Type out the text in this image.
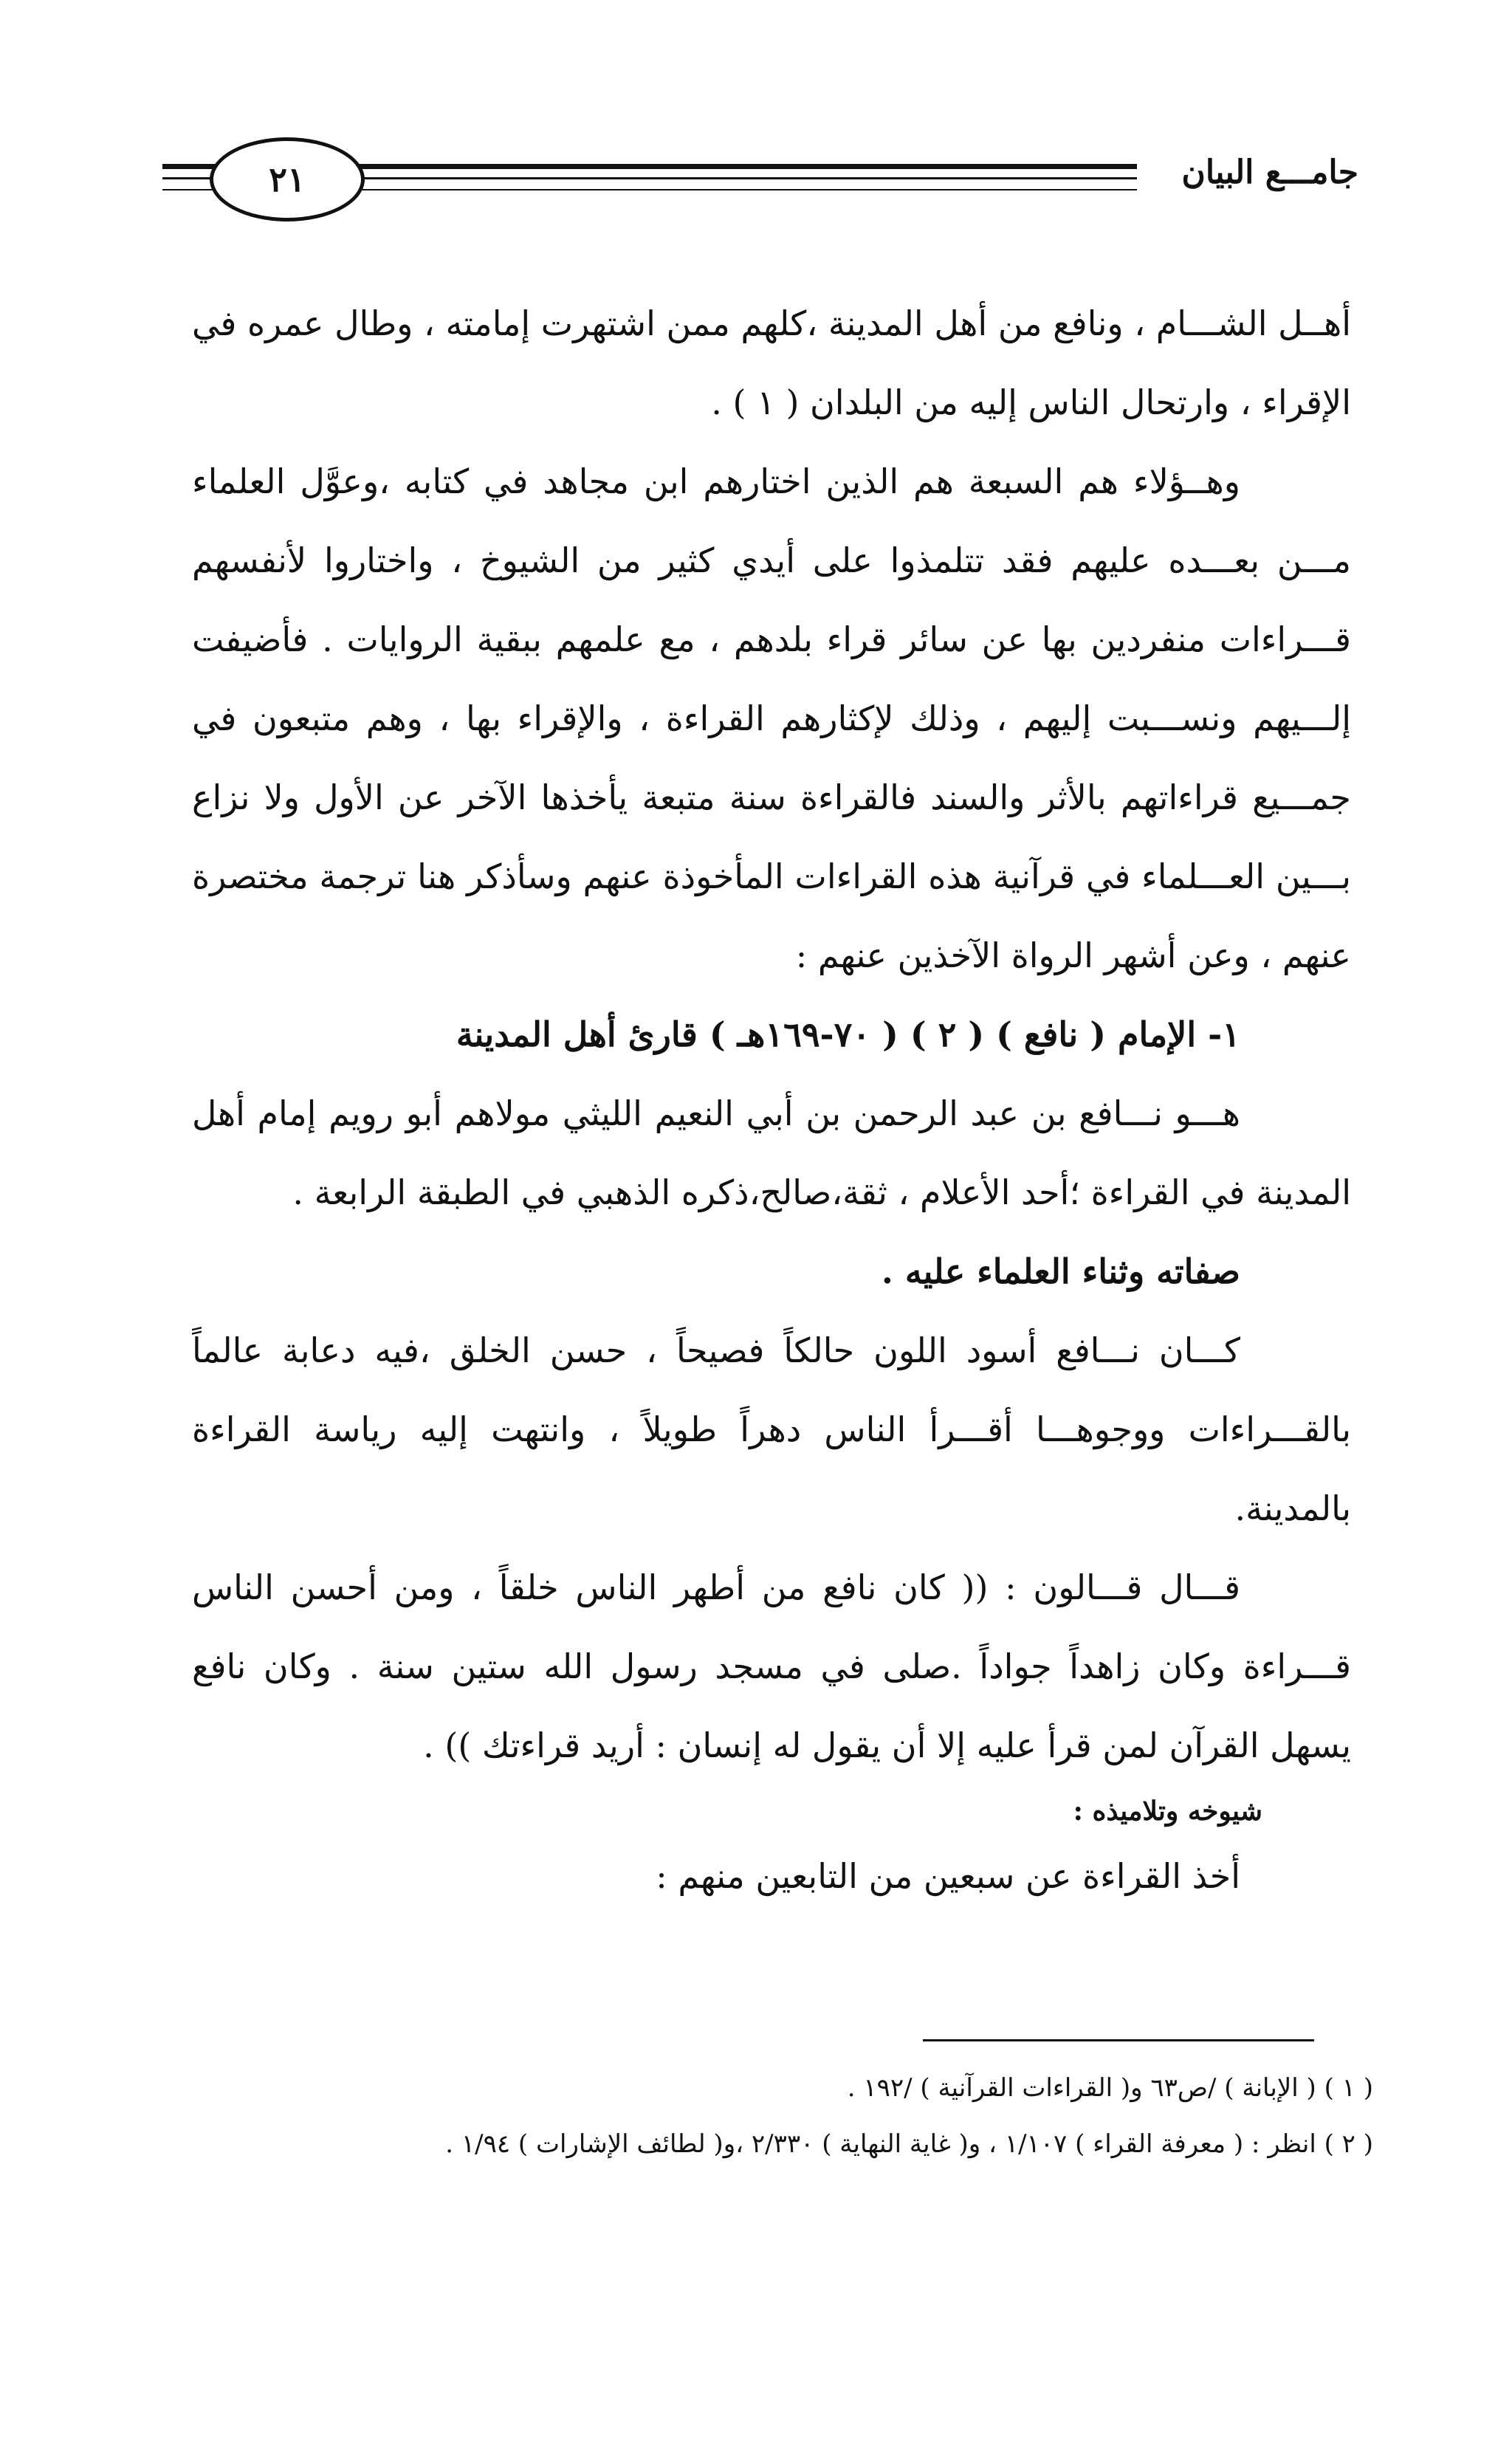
٢١	جامـــع البيان
أهــل الشـــام ، ونافع من أهل المدينة ،كلهم ممن اشتهرت إمامته ، وطال عمره في
الإقراء ، وارتحال الناس إليه من البلدان ( ١ ) .
وهــؤلاء هم السبعة هم الذين اختارهم ابن مجاهد في كتابه ،وعوَّل العلماء
مـــن بعـــده عليهم فقد تتلمذوا على أيدي كثير من الشيوخ ، واختاروا لأنفسهم
قـــراءات منفردين بها عن سائر قراء بلدهم ، مع علمهم ببقية الروايات . فأضيفت
إلـــيهم ونســـبت إليهم ، وذلك لإكثارهم القراءة ، والإقراء بها ، وهم متبعون في
جمـــيع قراءاتهم بالأثر والسند فالقراءة سنة متبعة يأخذها الآخر عن الأول ولا نزاع
بـــين العـــلماء في قرآنية هذه القراءات المأخوذة عنهم وسأذكر هنا ترجمة مختصرة
عنهم ، وعن أشهر الرواة الآخذين عنهم :
١- الإمام ( نافع ) ( ٢ ) ( ٧٠-١٦٩هـ ) قارئ أهل المدينة
هـــو نـــافع بن عبد الرحمن بن أبي النعيم الليثي مولاهم أبو رويم إمام أهل
المدينة في القراءة ؛أحد الأعلام ، ثقة،صالح،ذكره الذهبي في الطبقة الرابعة .
صفاته وثناء العلماء عليه .
كـــان نـــافع أسود اللون حالكاً فصيحاً ، حسن الخلق ،فيه دعابة عالماً
بالقـــراءات ووجوهـــا أقـــرأ الناس دهراً طويلاً ، وانتهت إليه رياسة القراءة
بالمدينة.
قـــال قـــالون : (( كان نافع من أطهر الناس خلقاً ، ومن أحسن الناس
قـــراءة وكان زاهداً جواداً .صلى في مسجد رسول الله ستين سنة . وكان نافع
يسهل القرآن لمن قرأ عليه إلا أن يقول له إنسان : أريد قراءتك )) .
شيوخه وتلاميذه :
أخذ القراءة عن سبعين من التابعين منهم :
( ١ ) ( الإبانة ) /ص٦٣ و( القراءات القرآنية ) /١٩٢ .
( ٢ ) انظر : ( معرفة القراء ) ١/١٠٧ ، و( غاية النهاية ) ٢/٣٣٠ ،و( لطائف الإشارات ) ١/٩٤ .
